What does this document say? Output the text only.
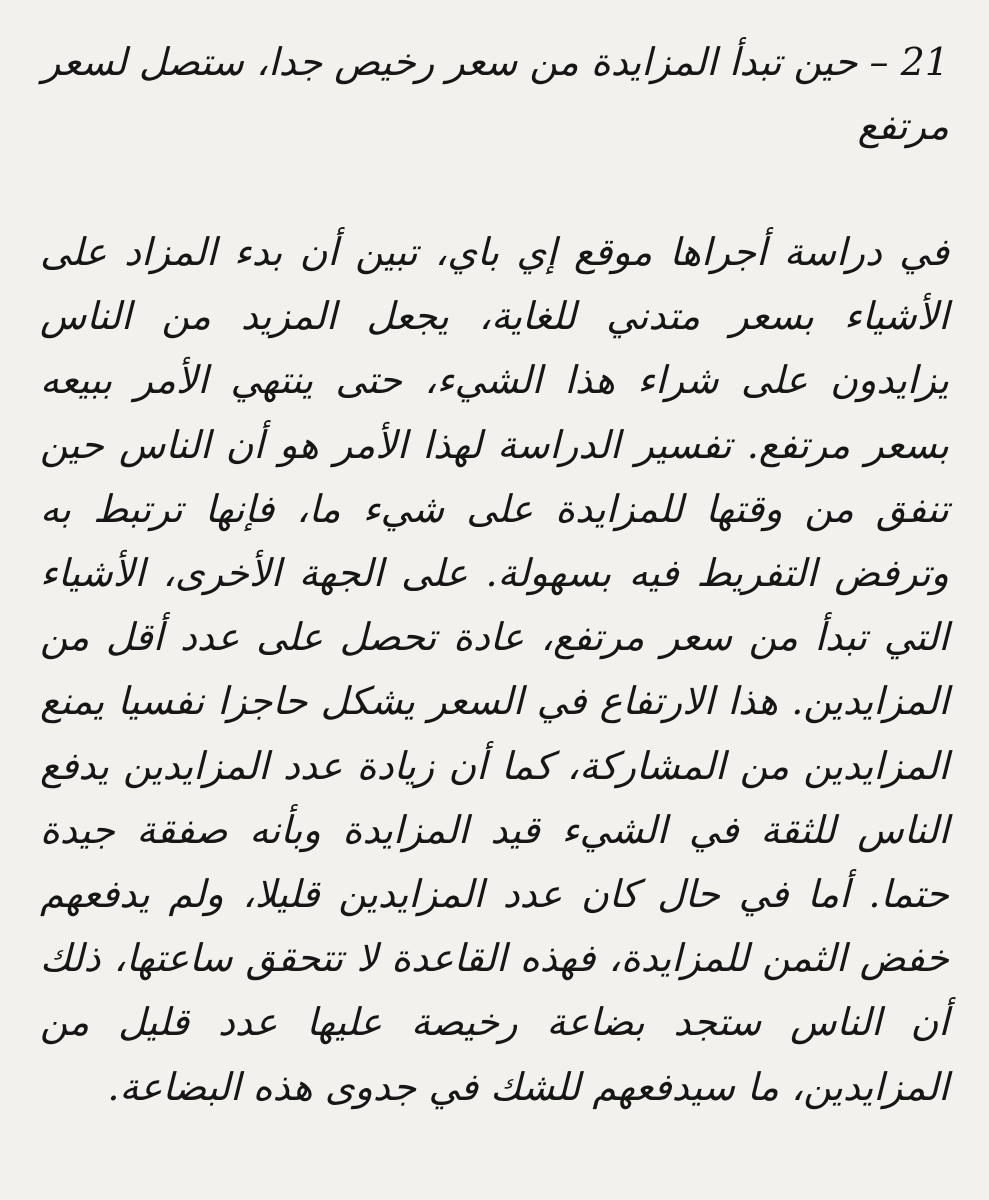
21 – حين تبدأ المزايدة من سعر رخيص جدا، ستصل لسعر مرتفع

في دراسة أجراها موقع إي باي، تبين أن بدء المزاد على الأشياء بسعر متدني للغاية، يجعل المزيد من الناس يزايدون على شراء هذا الشيء، حتى ينتهي الأمر ببيعه بسعر مرتفع. تفسير الدراسة لهذا الأمر هو أن الناس حين تنفق من وقتها للمزايدة على شيء ما، فإنها ترتبط به وترفض التفريط فيه بسهولة. على الجهة الأخرى، الأشياء التي تبدأ من سعر مرتفع، عادة تحصل على عدد أقل من المزايدين. هذا الارتفاع في السعر يشكل حاجزا نفسيا يمنع المزايدين من المشاركة، كما أن زيادة عدد المزايدين يدفع الناس للثقة في الشيء قيد المزايدة وبأنه صفقة جيدة حتما. أما في حال كان عدد المزايدين قليلا، ولم يدفعهم خفض الثمن للمزايدة، فهذه القاعدة لا تتحقق ساعتها، ذلك أن الناس ستجد بضاعة رخيصة عليها عدد قليل من المزايدين، ما سيدفعهم للشك في جدوى هذه البضاعة.
